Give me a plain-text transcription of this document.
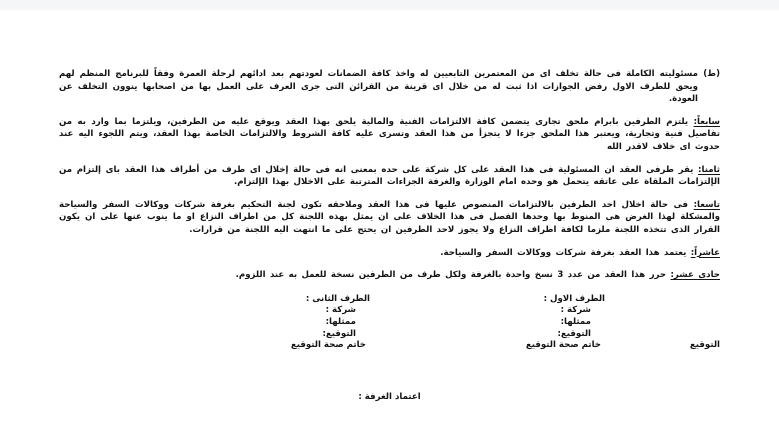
(ط)
مسئوليته الكاملة فى حالة تخلف اى من المعتمرين التابعيين له واخذ كافة الضمانات لعودتهم بعد ادائهم لرحلة العمرة وفقاً للبرنامج المنظم لهم ويحق للطرف الاول رفض الجوازات اذا ثبت له من خلال اى قرينة من القرائن التى جرى العرف على العمل بها من اصحابها ينوون التخلف عن العودة.

سابعاً: يلتزم الطرفين بابرام ملحق تجارى يتضمن كافة الالتزامات الفنية والمالية يلحق بهذا العقد ويوقع عليه من الطرفين، ويلتزما بما وارد به من تفاصيل فنية وتجارية، ويعتبر هذا الملحق جزءا لا يتجزأ من هذا العقد وتسرى عليه كافة الشروط والالتزامات الخاصة بهذا العقد، ويتم اللجوء اليه عند حدوث اى خلاف لاقدر الله

ثامنا: يقر طرفى العقد ان المسئولية فى هذا العقد على كل شركة على حده بمعنى انه فى حالة إخلال اى طرف من أطراف هذا العقد باى إلتزام من الإلتزامات الملقاة على عاتقه يتحمل هو وحده امام الوزارة والغرفة الجزاءات المترتبة على الاخلال بهذا الإلتزام.

تاسعا: فى حالة اخلال احد الطرفين بالالتزامات المنصوص عليها فى هذا العقد وملاحقه تكون لجنة التحكيم بغرفة شركات ووكالات السفر والسياحة والمشكلة لهذا الغرض هى المنوط بها وحدها الفصل فى هذا الخلاف على ان يمثل بهذه اللجنة كل من اطراف النزاع او ما ينوب عنها على ان يكون القرار الذى تتخذه اللجنة ملزما لكافة اطراف النزاع ولا يجوز لاحد الطرفين ان يحتج على ما انتهت اليه اللجنة من قرارات.

عاشراً: يعتمد هذا العقد بغرفة شركات ووكالات السفر والسياحة.

حادى عشر: حرر هذا العقد من عدد 3 نسخ واحدة بالغرفة ولكل طرف من الطرفين نسخة للعمل به عند اللزوم.

الطرف الاول :
شركة :
ممثلها:
التوقيع:
خاتم صحة التوقيع
الطرف الثانى :
شركة :
ممثلها:
التوقيع:
خاتم صحة التوقيع	التوقيع
اعتماد الغرفة :
